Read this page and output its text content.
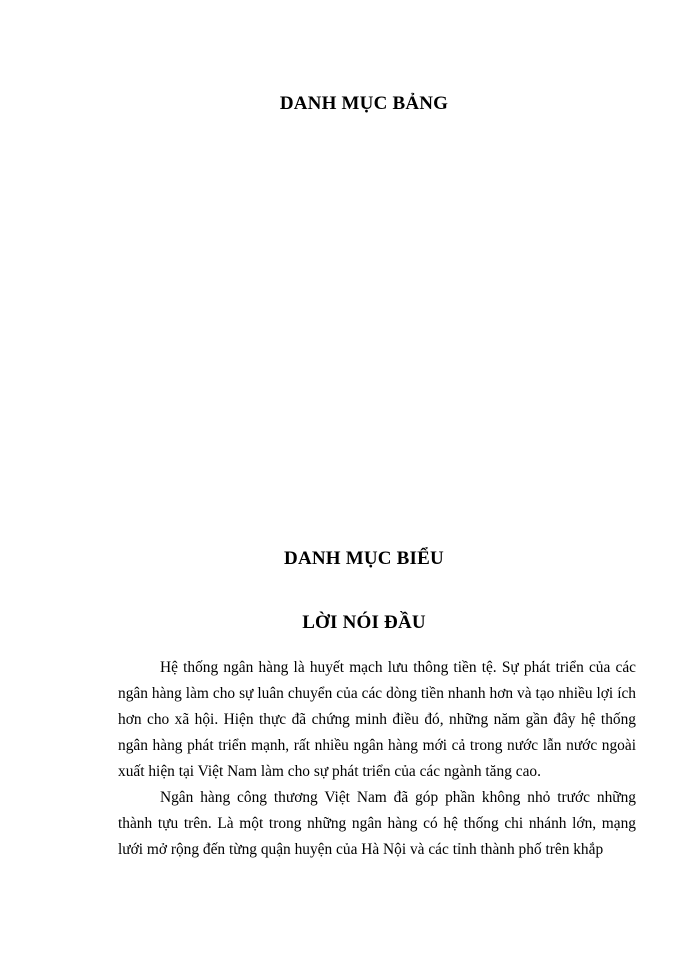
DANH MỤC BẢNG
DANH MỤC BIỂU
LỜI NÓI ĐẦU

Hệ thống ngân hàng là huyết mạch lưu thông tiền tệ. Sự phát triển của các ngân hàng làm cho sự luân chuyển của các dòng tiền nhanh hơn và tạo nhiều lợi ích hơn cho xã hội. Hiện thực đã chứng minh điều đó, những năm gần đây hệ thống ngân hàng phát triển mạnh, rất nhiều ngân hàng mới cả trong nước lẫn nước ngoài xuất hiện tại Việt Nam làm cho sự phát triển của các ngành tăng cao.

Ngân hàng công thương Việt Nam đã góp phần không nhỏ trước những thành tựu trên. Là một trong những ngân hàng có hệ thống chi nhánh lớn, mạng lưới mở rộng đến từng quận huyện của Hà Nội và các tỉnh thành phố trên khắp
